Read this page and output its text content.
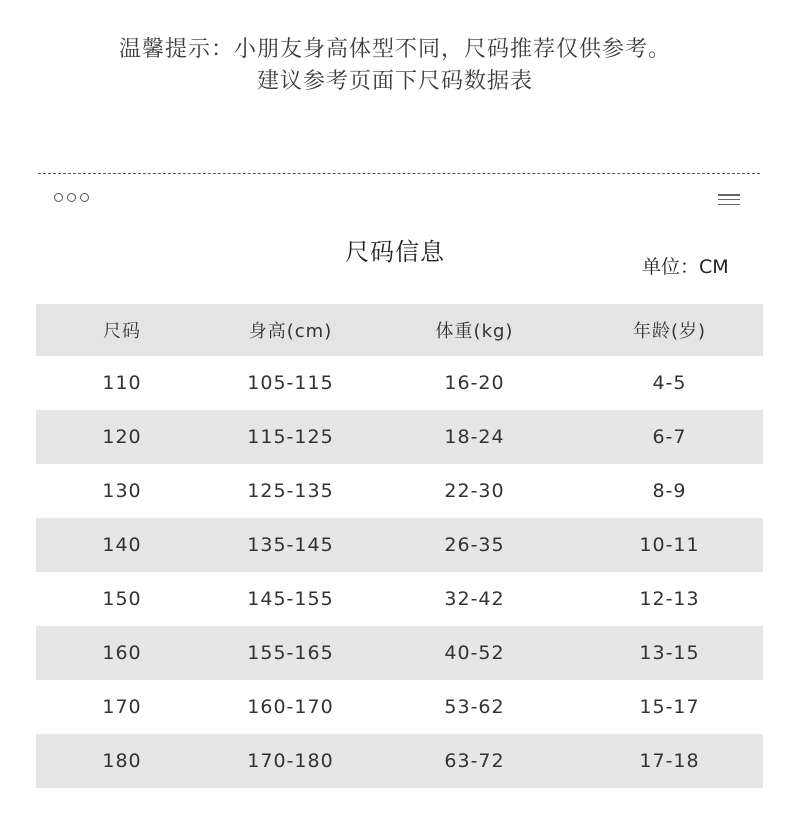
温馨提示：小朋友身高体型不同，尺码推荐仅供参考。
建议参考页面下尺码数据表
尺码信息
单位：CM
尺码	身高(cm)	体重(kg)	年龄(岁)
110	105-115	16-20	4-5
120	115-125	18-24	6-7
130	125-135	22-30	8-9
140	135-145	26-35	10-11
150	145-155	32-42	12-13
160	155-165	40-52	13-15
170	160-170	53-62	15-17
180	170-180	63-72	17-18
